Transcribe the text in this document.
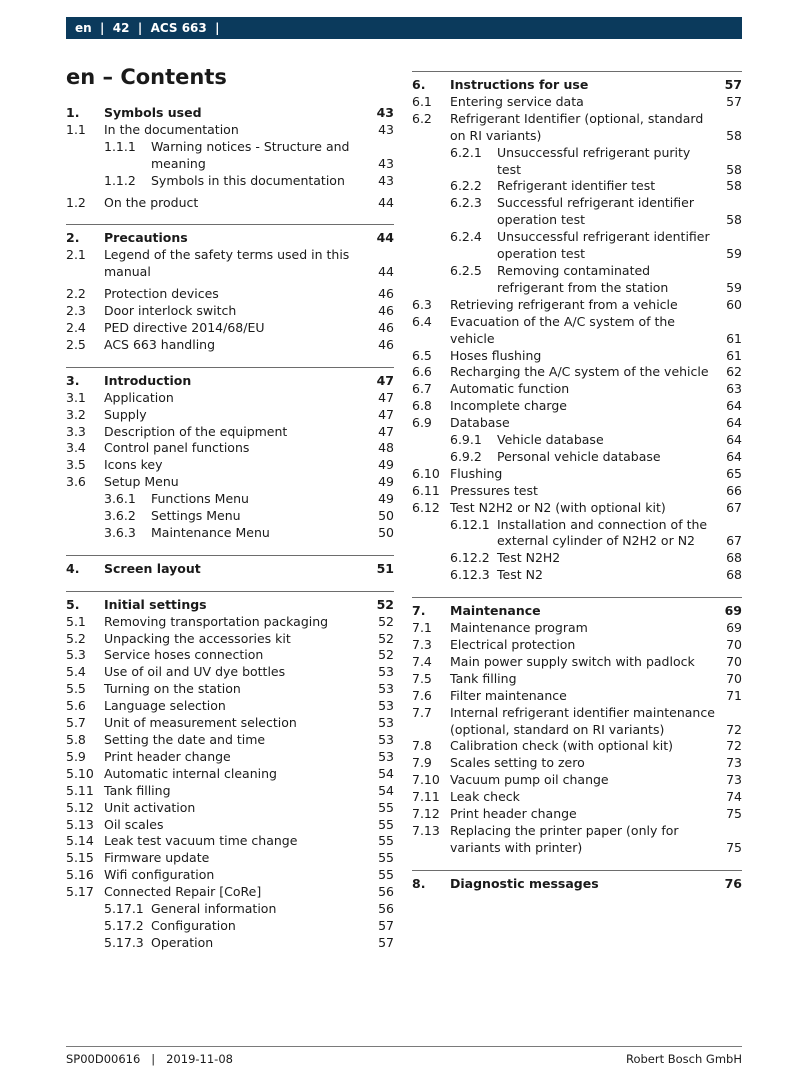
en  |  42  |  ACS 663  |
en – Contents
1. Symbols used	43
1.1 In the documentation	43
1.1.1 Warning notices - Structure and meaning	43
1.1.2 Symbols in this documentation	43
1.2 On the product	44
2. Precautions	44
2.1 Legend of the safety terms used in this manual	44
2.2 Protection devices	46
2.3 Door interlock switch	46
2.4 PED directive 2014/68/EU	46
2.5 ACS 663 handling	46
3. Introduction	47
3.1 Application	47
3.2 Supply	47
3.3 Description of the equipment	47
3.4 Control panel functions	48
3.5 Icons key	49
3.6 Setup Menu	49
3.6.1 Functions Menu	49
3.6.2 Settings Menu	50
3.6.3 Maintenance Menu	50
4. Screen layout	51
5. Initial settings	52
5.1 Removing transportation packaging	52
5.2 Unpacking the accessories kit	52
5.3 Service hoses connection	52
5.4 Use of oil and UV dye bottles	53
5.5 Turning on the station	53
5.6 Language selection	53
5.7 Unit of measurement selection	53
5.8 Setting the date and time	53
5.9 Print header change	53
5.10 Automatic internal cleaning	54
5.11 Tank filling	54
5.12 Unit activation	55
5.13 Oil scales	55
5.14 Leak test vacuum time change	55
5.15 Firmware update	55
5.16 Wifi configuration	55
5.17 Connected Repair [CoRe]	56
5.17.1 General information	56
5.17.2 Configuration	57
5.17.3 Operation	57
6. Instructions for use	57
6.1 Entering service data	57
6.2 Refrigerant Identifier (optional, standard on RI variants)	58
6.2.1 Unsuccessful refrigerant purity test	58
6.2.2 Refrigerant identifier test	58
6.2.3 Successful refrigerant identifier operation test	58
6.2.4 Unsuccessful refrigerant identifier operation test	59
6.2.5 Removing contaminated refrigerant from the station	59
6.3 Retrieving refrigerant from a vehicle	60
6.4 Evacuation of the A/C system of the vehicle	61
6.5 Hoses flushing	61
6.6 Recharging the A/C system of the vehicle	62
6.7 Automatic function	63
6.8 Incomplete charge	64
6.9 Database	64
6.9.1 Vehicle database	64
6.9.2 Personal vehicle database	64
6.10 Flushing	65
6.11 Pressures test	66
6.12 Test N2H2 or N2 (with optional kit)	67
6.12.1 Installation and connection of the external cylinder of N2H2 or N2	67
6.12.2 Test N2H2	68
6.12.3 Test N2	68
7. Maintenance	69
7.1 Maintenance program	69
7.3 Electrical protection	70
7.4 Main power supply switch with padlock	70
7.5 Tank filling	70
7.6 Filter maintenance	71
7.7 Internal refrigerant identifier maintenance (optional, standard on RI variants)	72
7.8 Calibration check (with optional kit)	72
7.9 Scales setting to zero	73
7.10 Vacuum pump oil change	73
7.11 Leak check	74
7.12 Print header change	75
7.13 Replacing the printer paper (only for variants with printer)	75
8. Diagnostic messages	76
SP00D00616   |   2019-11-08	Robert Bosch GmbH
